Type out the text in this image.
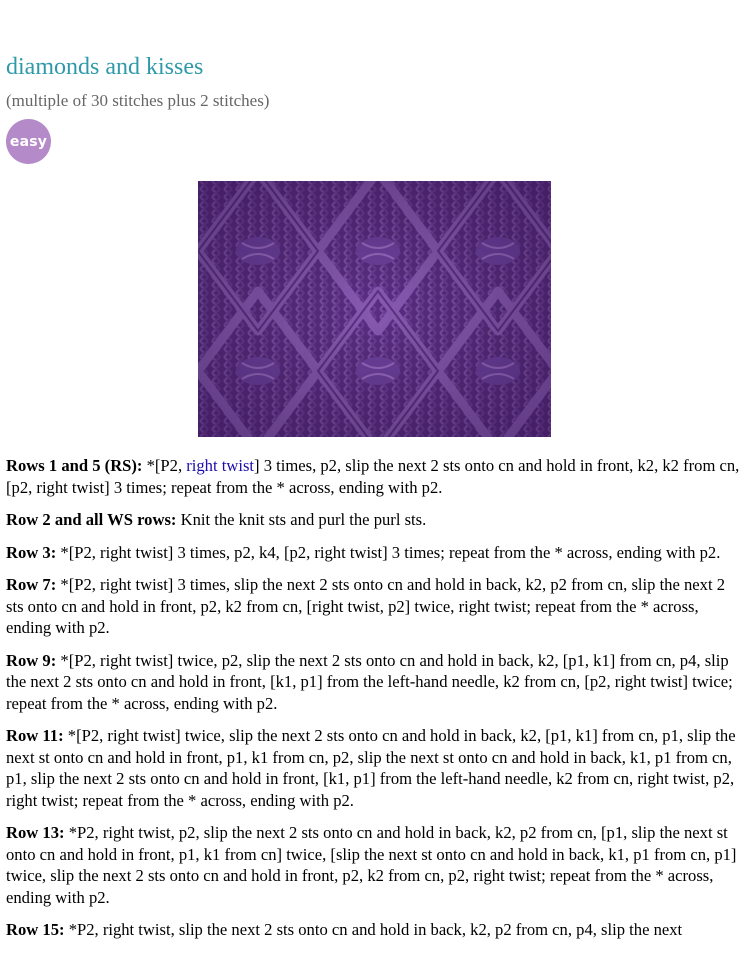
diamonds and kisses

(multiple of 30 stitches plus 2 stitches)

easy

Rows 1 and 5 (RS): *[P2, right twist] 3 times, p2, slip the next 2 sts onto cn and hold in front, k2, k2 from cn, [p2, right twist] 3 times; repeat from the * across, ending with p2.

Row 2 and all WS rows: Knit the knit sts and purl the purl sts.

Row 3: *[P2, right twist] 3 times, p2, k4, [p2, right twist] 3 times; repeat from the * across, ending with p2.

Row 7: *[P2, right twist] 3 times, slip the next 2 sts onto cn and hold in back, k2, p2 from cn, slip the next 2 sts onto cn and hold in front, p2, k2 from cn, [right twist, p2] twice, right twist; repeat from the * across, ending with p2.

Row 9: *[P2, right twist] twice, p2, slip the next 2 sts onto cn and hold in back, k2, [p1, k1] from cn, p4, slip the next 2 sts onto cn and hold in front, [k1, p1] from the left-hand needle, k2 from cn, [p2, right twist] twice; repeat from the * across, ending with p2.

Row 11: *[P2, right twist] twice, slip the next 2 sts onto cn and hold in back, k2, [p1, k1] from cn, p1, slip the next st onto cn and hold in front, p1, k1 from cn, p2, slip the next st onto cn and hold in back, k1, p1 from cn, p1, slip the next 2 sts onto cn and hold in front, [k1, p1] from the left-hand needle, k2 from cn, right twist, p2, right twist; repeat from the * across, ending with p2.

Row 13: *P2, right twist, p2, slip the next 2 sts onto cn and hold in back, k2, p2 from cn, [p1, slip the next st onto cn and hold in front, p1, k1 from cn] twice, [slip the next st onto cn and hold in back, k1, p1 from cn, p1] twice, slip the next 2 sts onto cn and hold in front, p2, k2 from cn, p2, right twist; repeat from the * across, ending with p2.

Row 15: *P2, right twist, slip the next 2 sts onto cn and hold in back, k2, p2 from cn, p4, slip the next
